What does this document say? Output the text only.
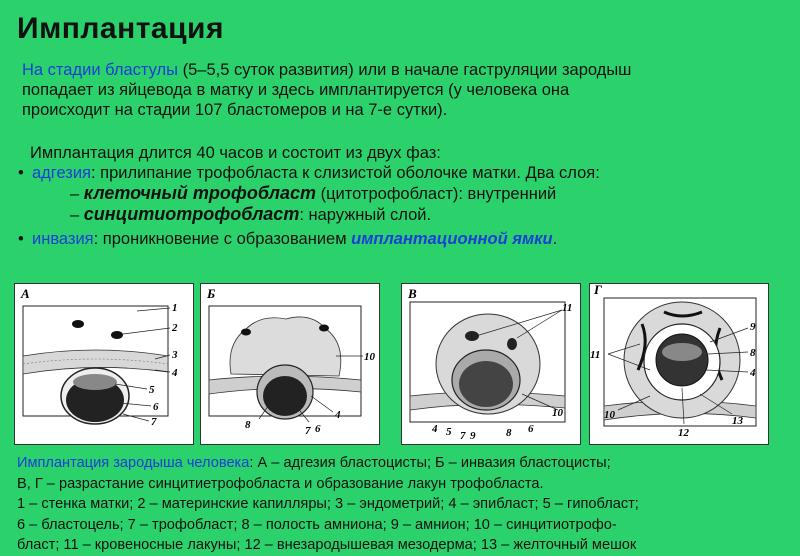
Имплантация
На стадии бластулы (5–5,5 суток развития) или в начале гаструляции зародыш
попадает из яйцевода в матку и здесь имплантируется (у человека она
происходит на стадии 107 бластомеров и на 7-е сутки).
Имплантация длится 40 часов и состоит из двух фаз:
• адгезия: прилипание трофобласта к слизистой оболочке матки. Два слоя:
– клеточный трофобласт (цитотрофобласт): внутренний
– синцитиотрофобласт: наружный слой.
• инвазия: проникновение с образованием имплантационной ямки.
А
1
2
3
4
5
6
7
Б
10
8	7 6
4
В
11
4 5 7 9	8 6
10
Г
9
8
4
11
10
12
13
Имплантация зародыша человека: А – адгезия бластоцисты; Б – инвазия бластоцисты;
В, Г – разрастание синцитиетрофобласта и образование лакун трофобласта.
1 – стенка матки; 2 – материнские капилляры; 3 – эндометрий; 4 – эпибласт; 5 – гипобласт;
6 – бластоцель; 7 – трофобласт; 8 – полость амниона; 9 – амнион; 10 – синцитиотрофо-
бласт; 11 – кровеносные лакуны; 12 – внезародышевая мезодерма; 13 – желточный мешок
